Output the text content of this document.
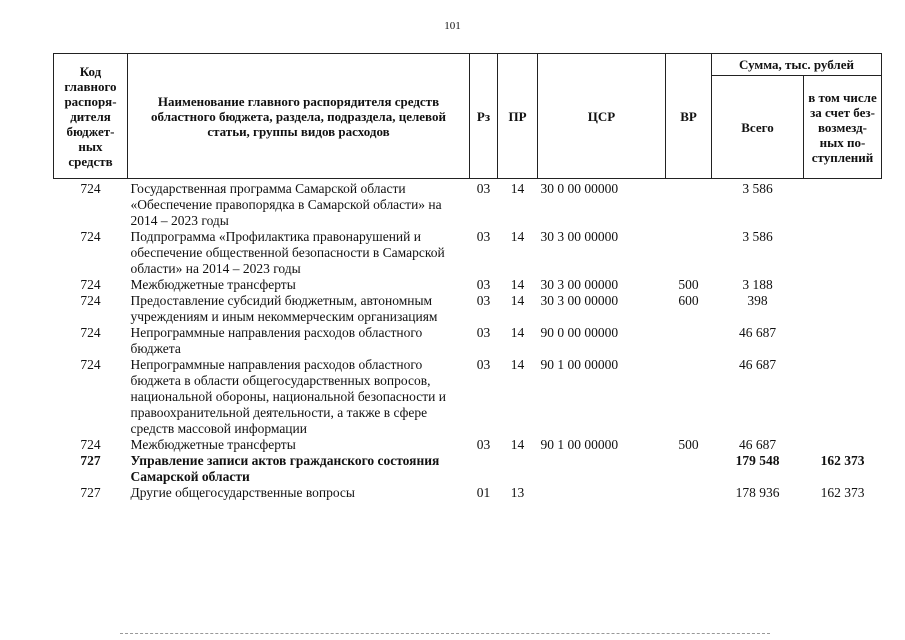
101
Код главного распоря-дителя бюджет-ных средств	Наименование главного распорядителя средств областного бюджета, раздела, подраздела, целевой статьи, группы видов расходов	Рз	ПР	ЦСР	ВР	Сумма, тыс. рублей	
						Всего	в том числе за счет без-возмезд-ных по-ступлений
724	Государственная программа Самарской области «Обеспечение правопорядка в Самарской области» на 2014 – 2023 годы	03	14	30 0 00 00000		3 586	
724	Подпрограмма «Профилактика правонарушений и обеспечение общественной безопасности в Самарской области» на 2014 – 2023 годы	03	14	30 3 00 00000		3 586	
724	Межбюджетные трансферты	03	14	30 3 00 00000	500	3 188	
724	Предоставление субсидий бюджетным, автономным учреждениям и иным некоммерческим организациям	03	14	30 3 00 00000	600	398	
724	Непрограммные направления расходов областного бюджета	03	14	90 0 00 00000		46 687	
724	Непрограммные направления расходов областного бюджета в области общегосударственных вопросов, национальной обороны, национальной безопасности и правоохранительной деятельности, а также в сфере средств массовой информации	03	14	90 1 00 00000		46 687	
724	Межбюджетные трансферты	03	14	90 1 00 00000	500	46 687	
727	Управление записи актов гражданского состояния Самарской области					179 548	162 373
727	Другие общегосударственные вопросы	01	13			178 936	162 373
